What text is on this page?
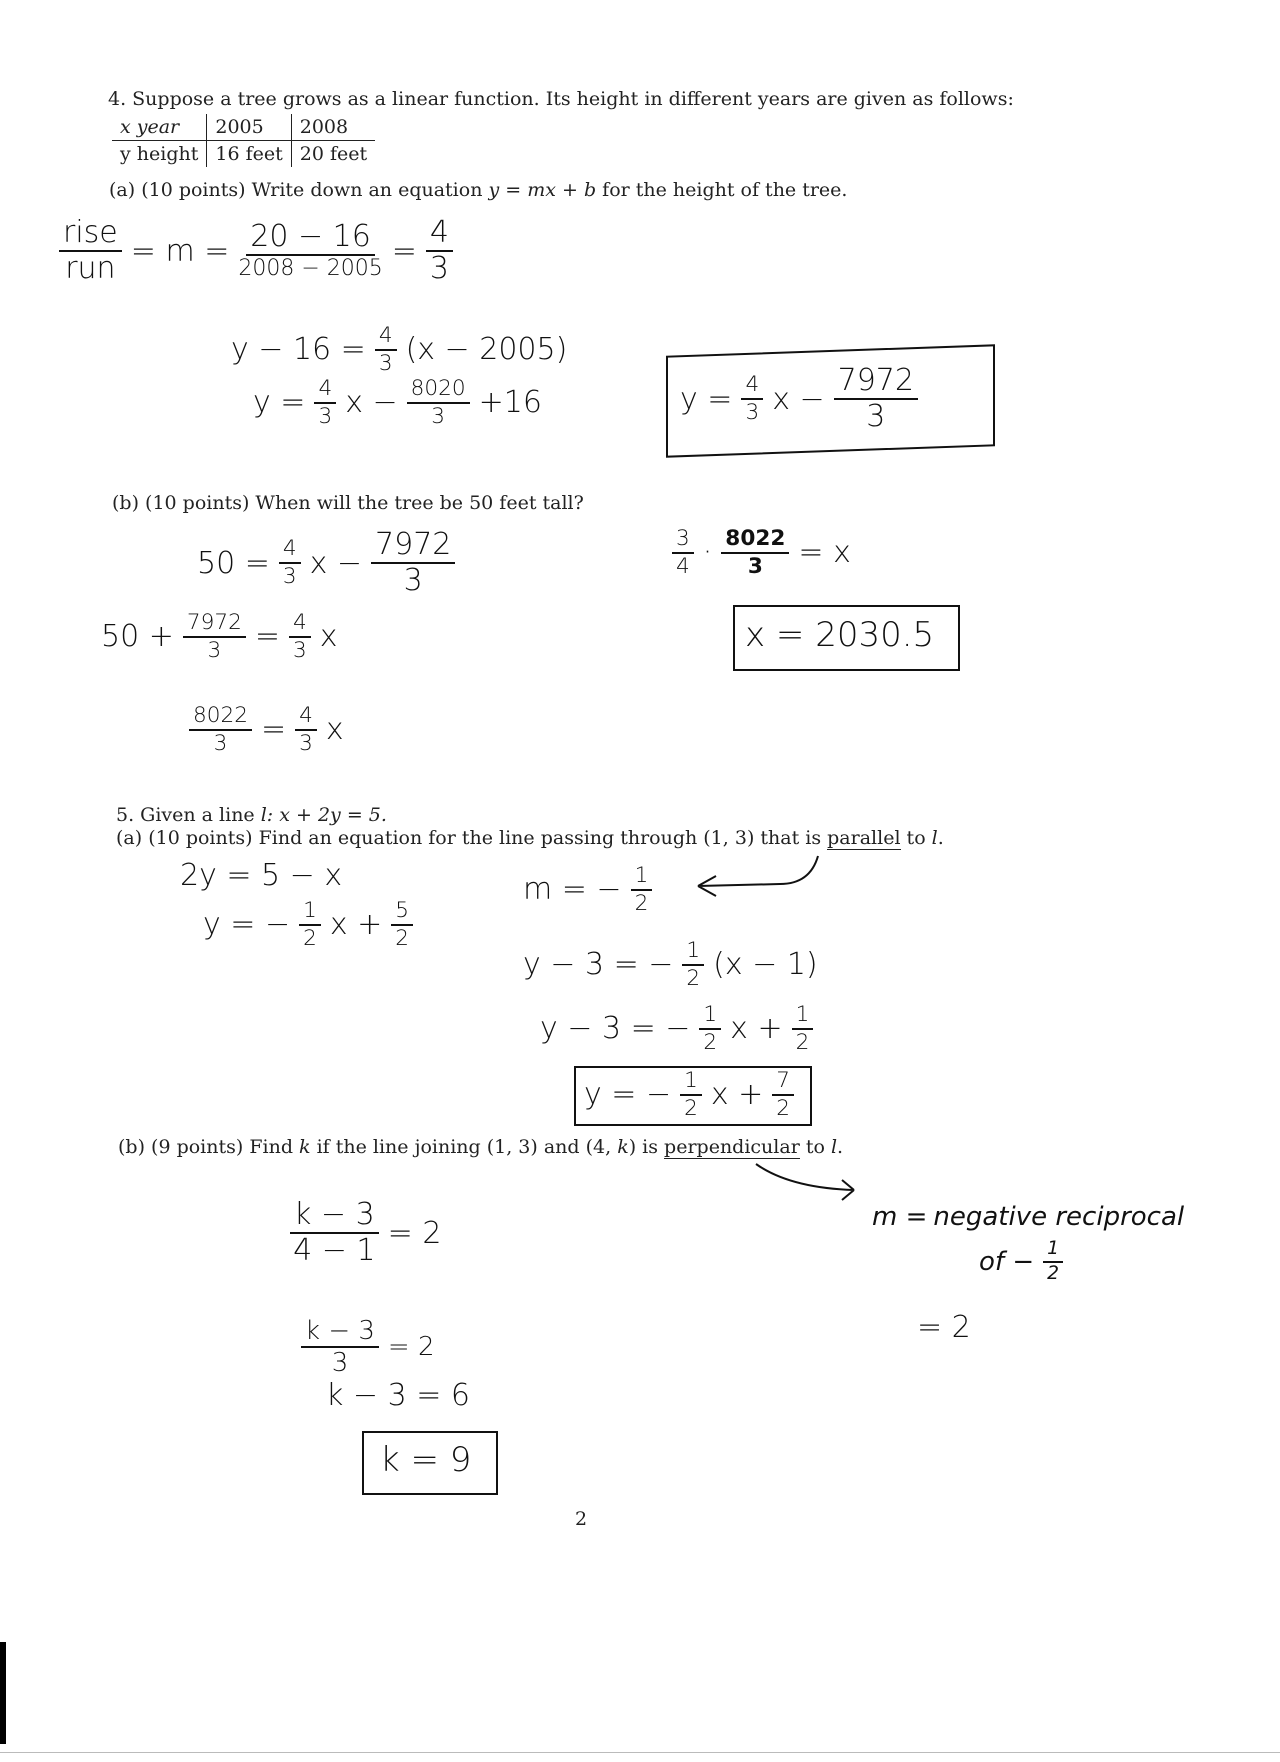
4. Suppose a tree grows as a linear function. Its height in different years are given as follows:
x year	2005	2008
y height	16 feet	20 feet
(a) (10 points) Write down an equation y = mx + b for the height of the tree.
rise
run = m = 20 − 16
$2008 - 2005 = \frac{4}{3}$
$y - 16 = \frac{4}{3} (x - 2005)$
$y = \frac{4}{3}$ $x - \frac{8020}{3} +16$	$y = \frac{4}{3}$ $x - \frac{7972}{3}$
(b) (10 points) When will the tree be 50 feet tall?
$50 = \frac{4}{3}$ $x - \frac{7972}{3}$
$50 + \frac{7972}{3} = \frac{4}{3}$ x
$\frac{8022}{3} = \frac{4}{3}$ x
$\frac{3}{4} \cdot \frac{8022}{3} = x$
x = 2030.5
5. Given a line l: x + 2y = 5.
(a) (10 points) Find an equation for the line passing through (1, 3) that is parallel to l.
2y = 5 − x
y = − $\frac{1}{2}$ $x + \frac{5}{2}$
m = − $\frac{1}{2}$
y − 3 = − $\frac{1}{2} (x - 1)$
y − 3 = − $\frac{1}{2}$ $x + \frac{1}{2}$
y = − $\frac{1}{2}$ $x + \frac{7}{2}$
(b) (9 points) Find k if the line joining (1, 3) and (4, k) is perpendicular to l.
$\frac{k - 3}{4 - 1} = 2$
$\frac{k - 3}{3} = 2$
k − 3 = 6
k = 9
m = negative reciprocal
of − $\frac{1}{2}$
= 2
2
